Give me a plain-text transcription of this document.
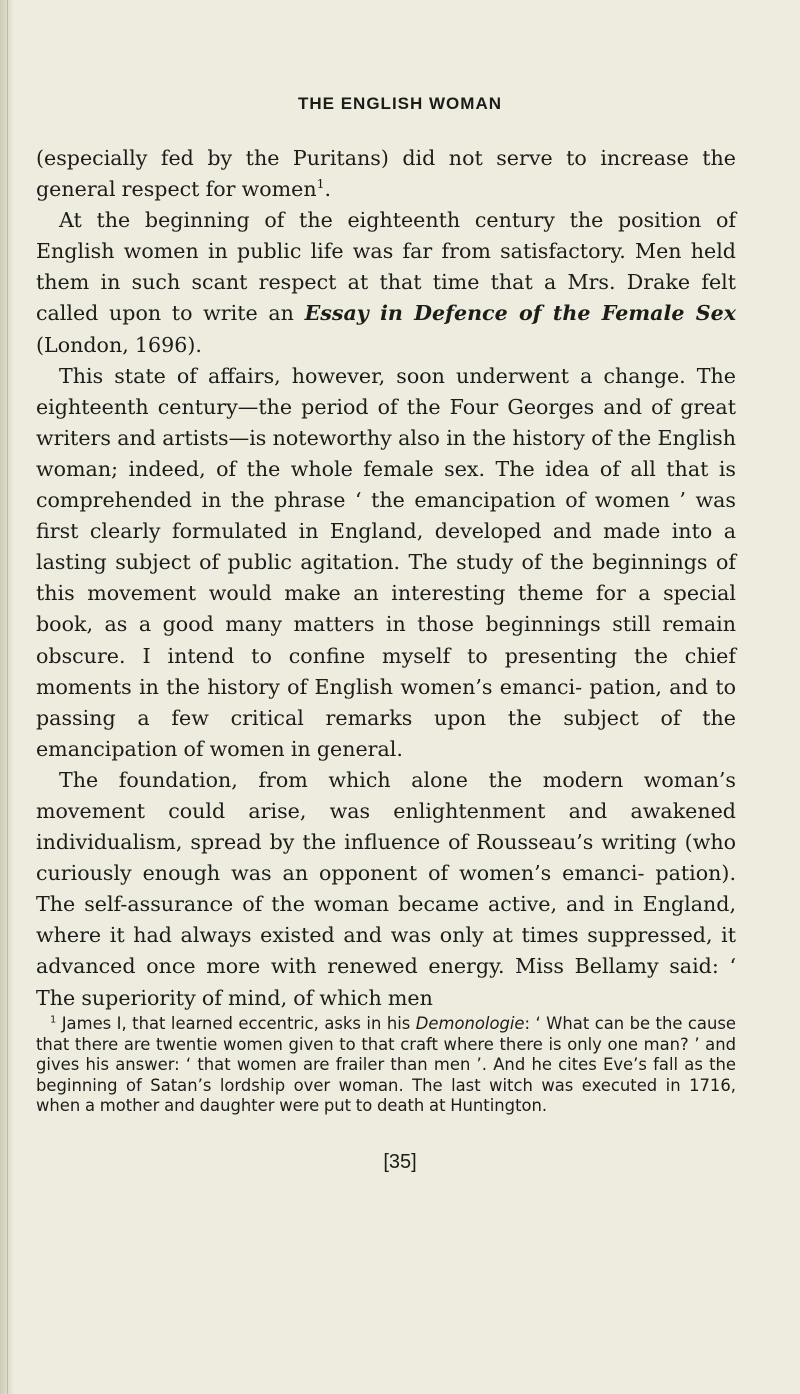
THE ENGLISH WOMAN

(especially fed by the Puritans) did not serve to increase the general respect for women$^1$.

At the beginning of the eighteenth century the position of English women in public life was far from satisfactory. Men held them in such scant respect at that time that a Mrs. Drake felt called upon to write an Essay in Defence of the Female Sex (London, 1696).

This state of affairs, however, soon underwent a change. The eighteenth century—the period of the Four Georges and of great writers and artists—is noteworthy also in the history of the English woman; indeed, of the whole female sex. The idea of all that is comprehended in the phrase ‘ the emancipation of women ’ was first clearly formulated in England, developed and made into a lasting subject of public agitation. The study of the beginnings of this movement would make an interesting theme for a special book, as a good many matters in those beginnings still remain obscure. I intend to confine myself to presenting the chief moments in the history of English women’s emanci- pation, and to passing a few critical remarks upon the subject of the emancipation of women in general.

The foundation, from which alone the modern woman’s movement could arise, was enlightenment and awakened individualism, spread by the influence of Rousseau’s writing (who curiously enough was an opponent of women’s emanci- pation). The self-assurance of the woman became active, and in England, where it had always existed and was only at times suppressed, it advanced once more with renewed energy. Miss Bellamy said: ‘ The superiority of mind, of which men

$^1$ James I, that learned eccentric, asks in his Demonologie: ‘ What can be the cause that there are twentie women given to that craft where there is only one man? ’ and gives his answer: ‘ that women are frailer than men ’. And he cites Eve’s fall as the beginning of Satan’s lordship over woman. The last witch was executed in 1716, when a mother and daughter were put to death at Huntington.

[35]
